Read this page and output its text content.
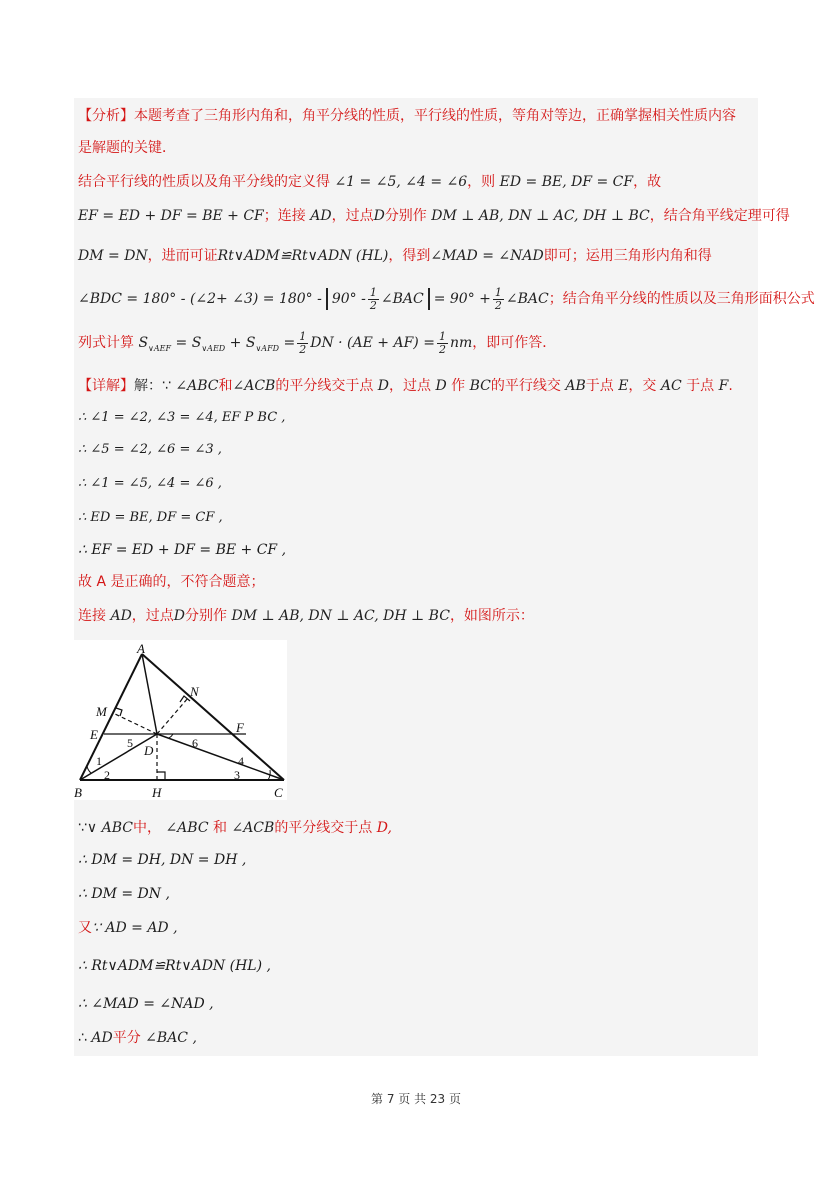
【分析】本题考查了三角形内角和，角平分线的性质，平行线的性质，等角对等边，正确掌握相关性质内容
是解题的关键．
结合平行线的性质以及角平分线的定义得 ∠1 = ∠5, ∠4 = ∠6，则 ED = BE, DF = CF，故
EF = ED + DF = BE + CF；连接 AD，过点D分别作 DM ⊥ AB, DN ⊥ AC, DH ⊥ BC，结合角平线定理可得
DM = DN，进而可证Rt∨ADM≌Rt∨ADN (HL)，得到∠MAD = ∠NAD即可；运用三角形内角和得
∠BDC = 180° - (∠2+ ∠3) = $180^\circ - 90^\circ - \frac{1}{2}$ ∠BAC = $90^\circ + \frac{1}{2}$ ∠BAC；结合角平分线的性质以及三角形面积公式
列式计算 $S_{\vee AEF} = S_{\vee AED} + S_{\vee AFD} = \frac{1}{2}$ DN · $(AE + AF) = \frac{1}{2}$ nm，即可作答．
【详解】解：∵ ∠ABC和∠ACB的平分线交于点 D，过点 D 作 BC的平行线交 AB于点 E，交 AC 于点 F.
∴ ∠1 = ∠2, ∠3 = ∠4, EF P BC ,
∴ ∠5 = ∠2, ∠6 = ∠3 ,
∴ ∠1 = ∠5, ∠4 = ∠6 ,
∴ ED = BE, DF = CF ,
∴ EF = ED + DF = BE + CF ,
故 A 是正确的，不符合题意；
连接 AD，过点D分别作 DM ⊥ AB, DN ⊥ AC, DH ⊥ BC，如图所示：
∵∨ ABC中， ∠ABC 和 ∠ACB的平分线交于点 D,
∴ DM = DH, DN = DH ,
∴ DM = DN ,
又∵ AD = AD ,
∴ Rt∨ADM≌Rt∨ADN (HL) ,
∴ ∠MAD = ∠NAD ,
∴ AD平分 ∠BAC ,
A
B	C
D
E	F
H
M
N
1
2	3
4
5	6
第 7 页 共 23 页
